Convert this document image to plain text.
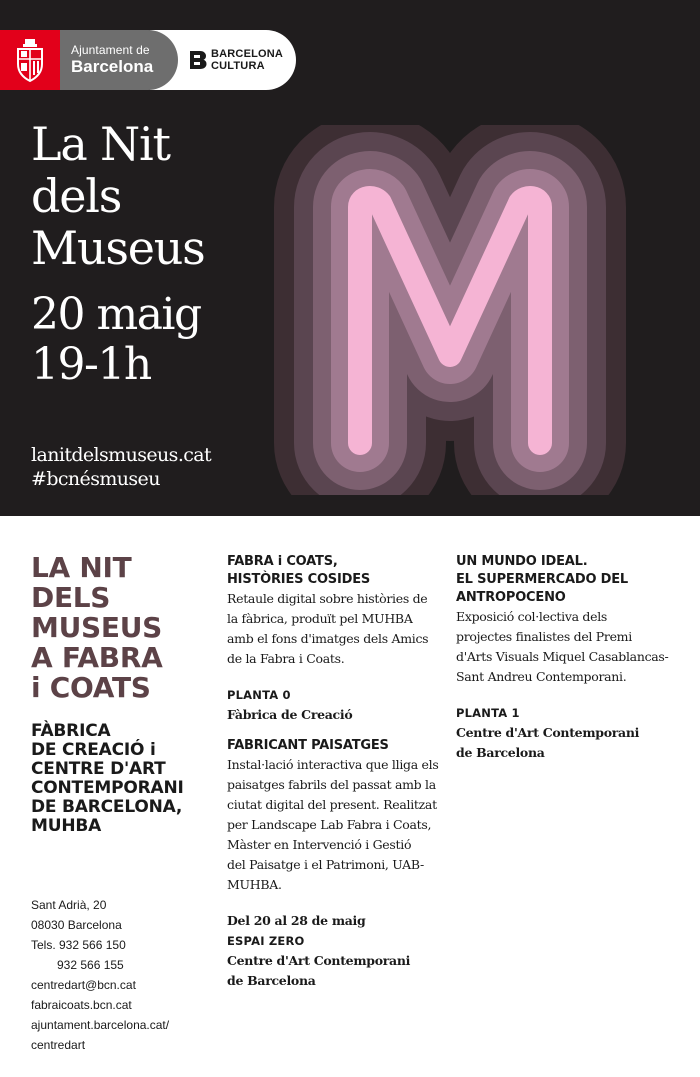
Ajuntament de
Barcelona
BARCELONA
CULTURA
La Nit
dels
Museus
20 maig
19-1h
lanitdelsmuseus.cat
#bcnésmuseu
LA NIT
DELS
MUSEUS
A FABRA
i COATS
FÀBRICA
DE CREACIÓ i
CENTRE D'ART
CONTEMPORANI
DE BARCELONA,
MUHBA
Sant Adrià, 20
08030 Barcelona
Tels. 932 566 150
932 566 155
centredart@bcn.cat
fabraicoats.bcn.cat
ajuntament.barcelona.cat/
centredart
FABRA i COATS,
HISTÒRIES COSIDES
Retaule digital sobre històries de
la fàbrica, produït pel MUHBA
amb el fons d'imatges dels Amics
de la Fabra i Coats.
PLANTA 0
Fàbrica de Creació
FABRICANT PAISATGES
Instal·lació interactiva que lliga els
paisatges fabrils del passat amb la
ciutat digital del present. Realitzat
per Landscape Lab Fabra i Coats,
Màster en Intervenció i Gestió
del Paisatge i el Patrimoni, UAB-
MUHBA.
Del 20 al 28 de maig
ESPAI ZERO
Centre d'Art Contemporani
de Barcelona
UN MUNDO IDEAL.
EL SUPERMERCADO DEL
ANTROPOCENO
Exposició col·lectiva dels
projectes finalistes del Premi
d'Arts Visuals Miquel Casablancas-
Sant Andreu Contemporani.
PLANTA 1
Centre d'Art Contemporani
de Barcelona
